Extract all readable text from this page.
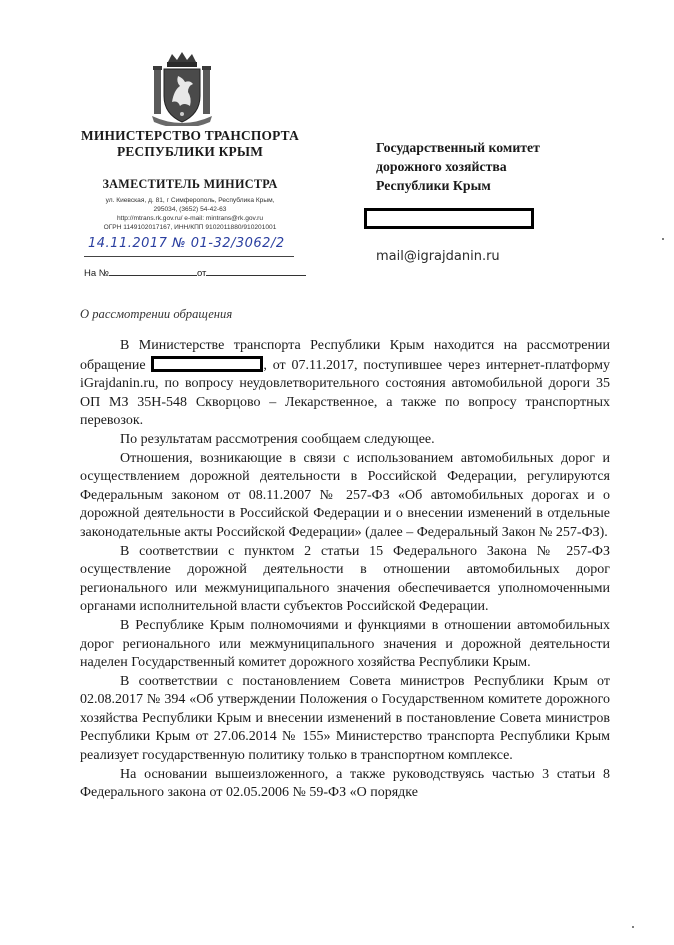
МИНИСТЕРСТВО ТРАНСПОРТА
РЕСПУБЛИКИ КРЫМ
ЗАМЕСТИТЕЛЬ МИНИСТРА
ул. Киевская, д. 81, г Симферополь, Республика Крым,
295034, (3652) 54-42-63
http://mtrans.rk.gov.ru/ e-mail: mintrans@rk.gov.ru
ОГРН 1149102017167, ИНН/КПП 9102011880/910201001
14.11.2017 № 01-32/3062/2
На №	от
Государственный комитет
дорожного хозяйства
Республики Крым
mail@igrajdanin.ru
О рассмотрении обращения

В Министерстве транспорта Республики Крым находится на рассмотрении обращение	, от 07.11.2017, поступившее через интернет-платформу iGrajdanin.ru, по вопросу неудовлетворительного состояния автомобильной дороги 35 ОП МЗ 35Н-548 Скворцово – Лекарственное, а также по вопросу транспортных перевозок.

По результатам рассмотрения сообщаем следующее.

Отношения, возникающие в связи с использованием автомобильных дорог и осуществлением дорожной деятельности в Российской Федерации, регулируются Федеральным законом от 08.11.2007 № 257-ФЗ «Об автомобильных дорогах и о дорожной деятельности в Российской Федерации и о внесении изменений в отдельные законодательные акты Российской Федерации» (далее – Федеральный Закон № 257-ФЗ).

В соответствии с пунктом 2 статьи 15 Федерального Закона № 257-ФЗ осуществление дорожной деятельности в отношении автомобильных дорог регионального или межмуниципального значения обеспечивается уполномоченными органами исполнительной власти субъектов Российской Федерации.

В Республике Крым полномочиями и функциями в отношении автомобильных дорог регионального или межмуниципального значения и дорожной деятельности наделен Государственный комитет дорожного хозяйства Республики Крым.

В соответствии с постановлением Совета министров Республики Крым от 02.08.2017 № 394 «Об утверждении Положения о Государственном комитете дорожного хозяйства Республики Крым и внесении изменений в постановление Совета министров Республики Крым от 27.06.2014 № 155» Министерство транспорта Республики Крым реализует государственную политику только в транспортном комплексе.

На основании вышеизложенного, а также руководствуясь частью 3 статьи 8 Федерального закона от 02.05.2006 № 59-ФЗ «О порядке
